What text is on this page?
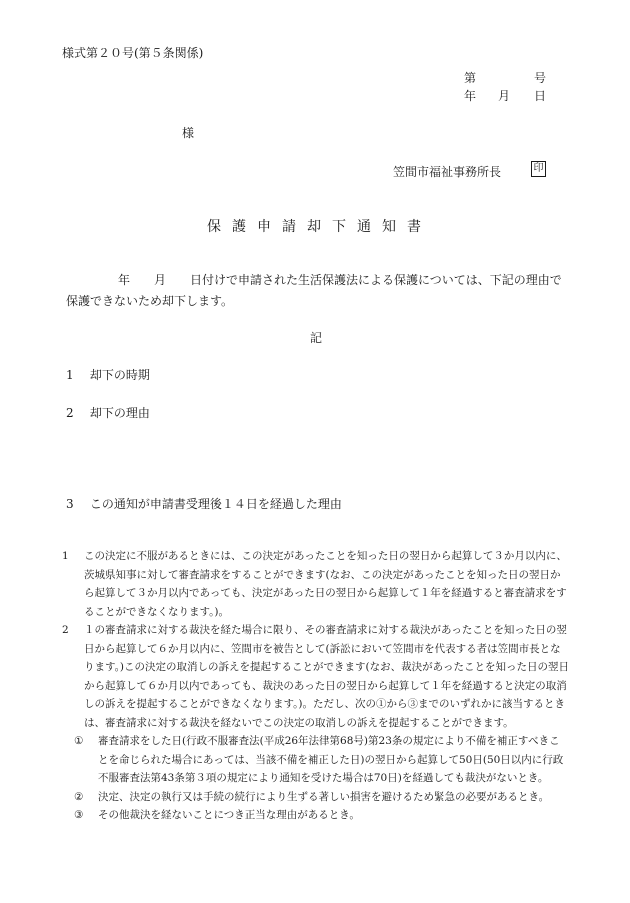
様式第２０号(第５条関係)
第	号
年 月 日
様
笠間市福祉事務所長	印
保護申請却下通知書
年　　月　　日付けで申請された生活保護法による保護については、下記の理由で保護できないため却下します。
記
1 却下の時期
2 却下の理由
3 この通知が申請書受理後１４日を経過した理由

1 この決定に不服があるときには、この決定があったことを知った日の翌日から起算して３か月以内に、茨城県知事に対して審査請求をすることができます(なお、この決定があったことを知った日の翌日から起算して３か月以内であっても、決定があった日の翌日から起算して１年を経過すると審査請求をすることができなくなります。)。

2 １の審査請求に対する裁決を経た場合に限り、その審査請求に対する裁決があったことを知った日の翌日から起算して６か月以内に、笠間市を被告として(訴訟において笠間市を代表する者は笠間市長となります。)この決定の取消しの訴えを提起することができます(なお、裁決があったことを知った日の翌日から起算して６か月以内であっても、裁決のあった日の翌日から起算して１年を経過すると決定の取消しの訴えを提起することができなくなります。)。ただし、次の①から③までのいずれかに該当するときは、審査請求に対する裁決を経ないでこの決定の取消しの訴えを提起することができます。

① 審査請求をした日(行政不服審査法(平成26年法律第68号)第23条の規定により不備を補正すべきことを命じられた場合にあっては、当該不備を補正した日)の翌日から起算して50日(50日以内に行政不服審査法第43条第３項の規定により通知を受けた場合は70日)を経過しても裁決がないとき。

② 決定、決定の執行又は手続の続行により生ずる著しい損害を避けるため緊急の必要があるとき。

③ その他裁決を経ないことにつき正当な理由があるとき。
